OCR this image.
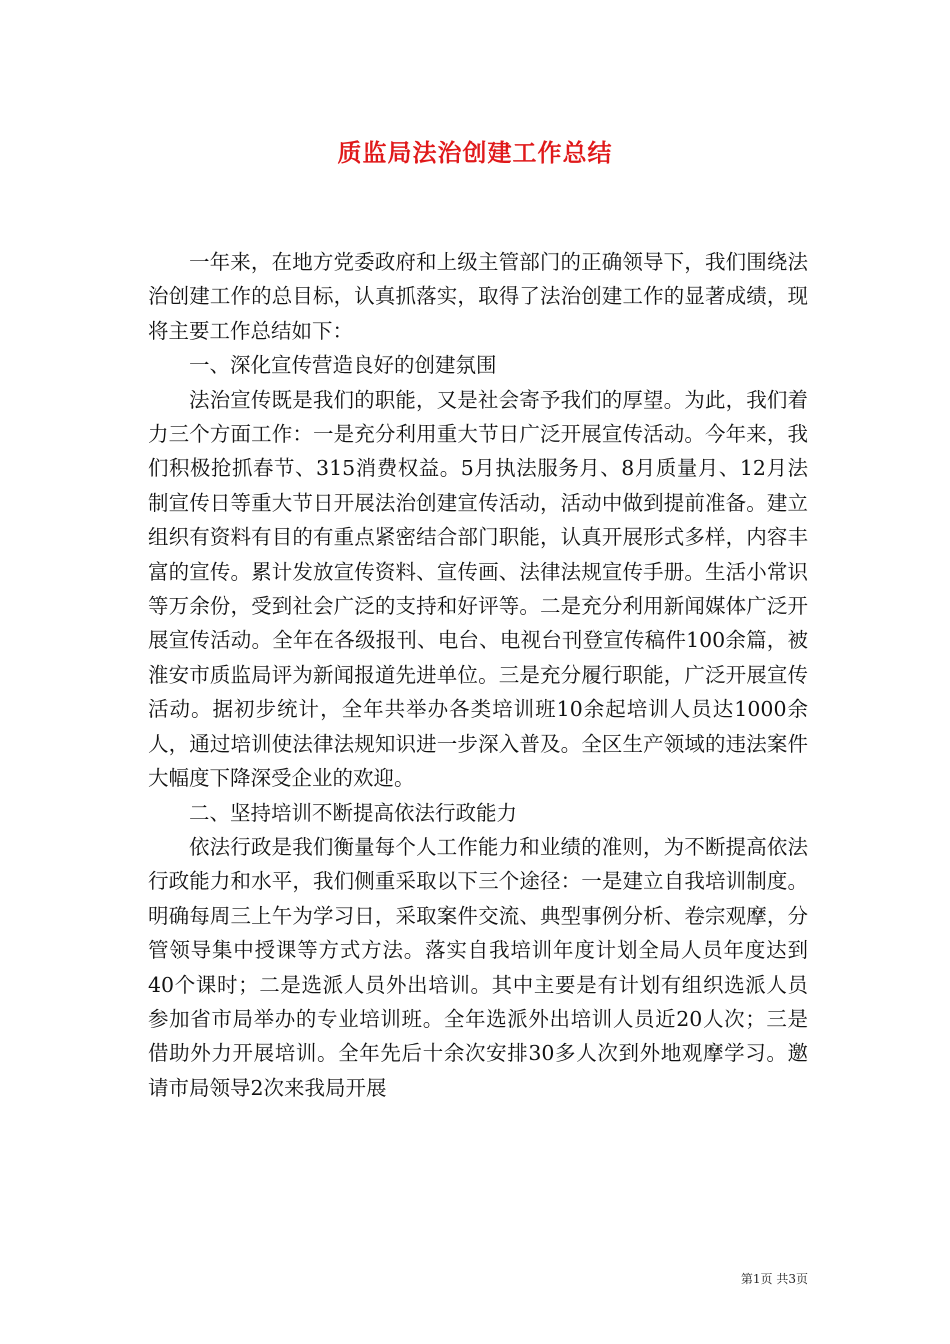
质监局法治创建工作总结

一年来，在地方党委政府和上级主管部门的正确领导下，我们围绕法治创建工作的总目标，认真抓落实，取得了法治创建工作的显著成绩，现将主要工作总结如下：

一、深化宣传营造良好的创建氛围

法治宣传既是我们的职能，又是社会寄予我们的厚望。为此，我们着力三个方面工作：一是充分利用重大节日广泛开展宣传活动。今年来，我们积极抢抓春节、315消费权益。5月执法服务月、8月质量月、12月法制宣传日等重大节日开展法治创建宣传活动，活动中做到提前准备。建立组织有资料有目的有重点紧密结合部门职能，认真开展形式多样，内容丰富的宣传。累计发放宣传资料、宣传画、法律法规宣传手册。生活小常识等万余份，受到社会广泛的支持和好评等。二是充分利用新闻媒体广泛开展宣传活动。全年在各级报刊、电台、电视台刊登宣传稿件100余篇，被淮安市质监局评为新闻报道先进单位。三是充分履行职能，广泛开展宣传活动。据初步统计，全年共举办各类培训班10余起培训人员达1000余人，通过培训使法律法规知识进一步深入普及。全区生产领域的违法案件大幅度下降深受企业的欢迎。

二、坚持培训不断提高依法行政能力

依法行政是我们衡量每个人工作能力和业绩的准则，为不断提高依法行政能力和水平，我们侧重采取以下三个途径：一是建立自我培训制度。明确每周三上午为学习日，采取案件交流、典型事例分析、卷宗观摩，分管领导集中授课等方式方法。落实自我培训年度计划全局人员年度达到40个课时；二是选派人员外出培训。其中主要是有计划有组织选派人员参加省市局举办的专业培训班。全年选派外出培训人员近20人次；三是借助外力开展培训。全年先后十余次安排30多人次到外地观摩学习。邀请市局领导2次来我局开展

第1页 共3页
